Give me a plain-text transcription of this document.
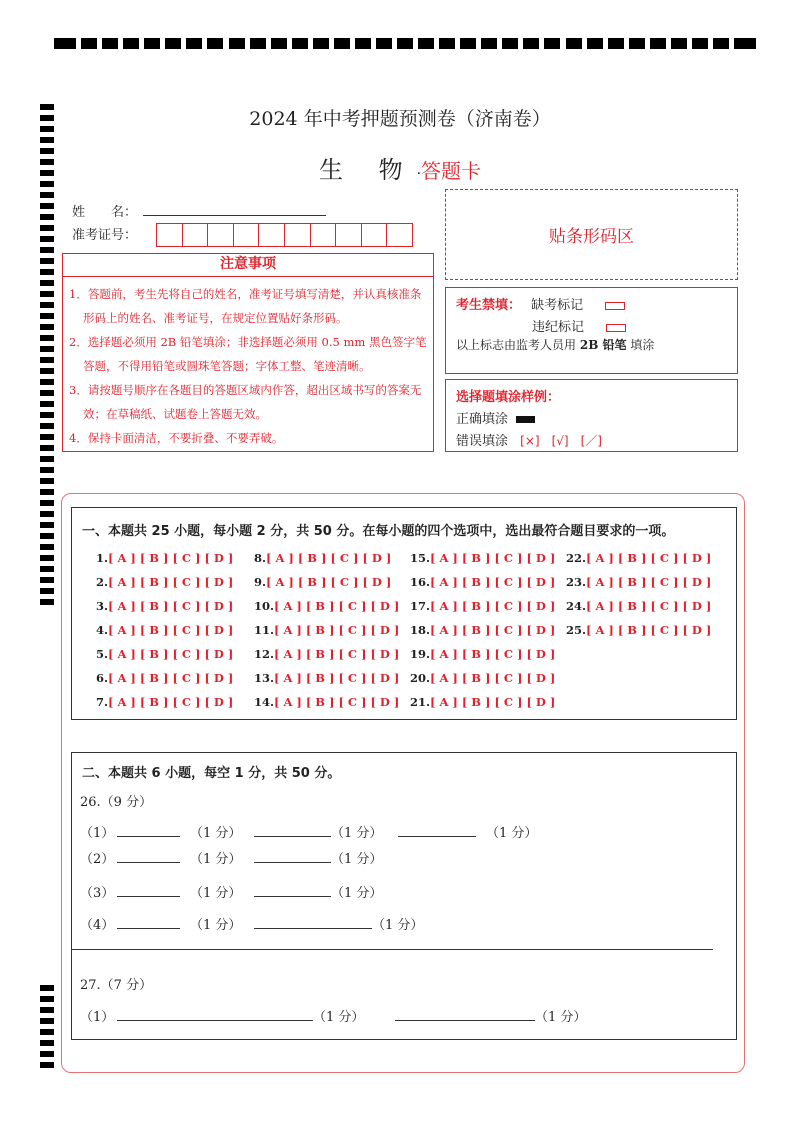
2024 年中考押题预测卷（济南卷）
生 物·答题卡
姓　　名：
准考证号：	贴条形码区
注意事项

1．答题前，考生先将自己的姓名，准考证号填写清楚，并认真核准条形码上的姓名、准考证号，在规定位置贴好条形码。

2．选择题必须用 2B 铅笔填涂；非选择题必须用 0.5 mm 黑色签字笔答题，不得用铅笔或圆珠笔答题；字体工整、笔迹清晰。

3．请按题号顺序在各题目的答题区域内作答，超出区域书写的答案无效；在草稿纸、试题卷上答题无效。

4．保持卡面清洁，不要折叠、不要弄破。

考生禁填： 缺考标记
违纪标记
以上标志由监考人员用 2B 铅笔 填涂
选择题填涂样例：
正确填涂
错误填涂 [×]　[√]　[／]
一、本题共 25 小题，每小题 2 分，共 50 分。在每小题的四个选项中，选出最符合题目要求的一项。
1.[ A ] [ B ] [ C ] [ D ]
2.[ A ] [ B ] [ C ] [ D ]
3.[ A ] [ B ] [ C ] [ D ]
4.[ A ] [ B ] [ C ] [ D ]
5.[ A ] [ B ] [ C ] [ D ]
6.[ A ] [ B ] [ C ] [ D ]
7.[ A ] [ B ] [ C ] [ D ]
8.[ A ] [ B ] [ C ] [ D ]
9.[ A ] [ B ] [ C ] [ D ]
10.[ A ] [ B ] [ C ] [ D ]
11.[ A ] [ B ] [ C ] [ D ]
12.[ A ] [ B ] [ C ] [ D ]
13.[ A ] [ B ] [ C ] [ D ]
14.[ A ] [ B ] [ C ] [ D ]
15.[ A ] [ B ] [ C ] [ D ]
16.[ A ] [ B ] [ C ] [ D ]
17.[ A ] [ B ] [ C ] [ D ]
18.[ A ] [ B ] [ C ] [ D ]
19.[ A ] [ B ] [ C ] [ D ]
20.[ A ] [ B ] [ C ] [ D ]
21.[ A ] [ B ] [ C ] [ D ]
22.[ A ] [ B ] [ C ] [ D ]
23.[ A ] [ B ] [ C ] [ D ]
24.[ A ] [ B ] [ C ] [ D ]
25.[ A ] [ B ] [ C ] [ D ]
二、本题共 6 小题，每空 1 分，共 50 分。
26.（9 分）
（1）	（1 分）	（1 分）	（1 分）
（2）	（1 分）	（1 分）
（3）	（1 分）	（1 分）
（4）	（1 分）	（1 分）
27.（7 分）
（1）	（1 分）	（1 分）
